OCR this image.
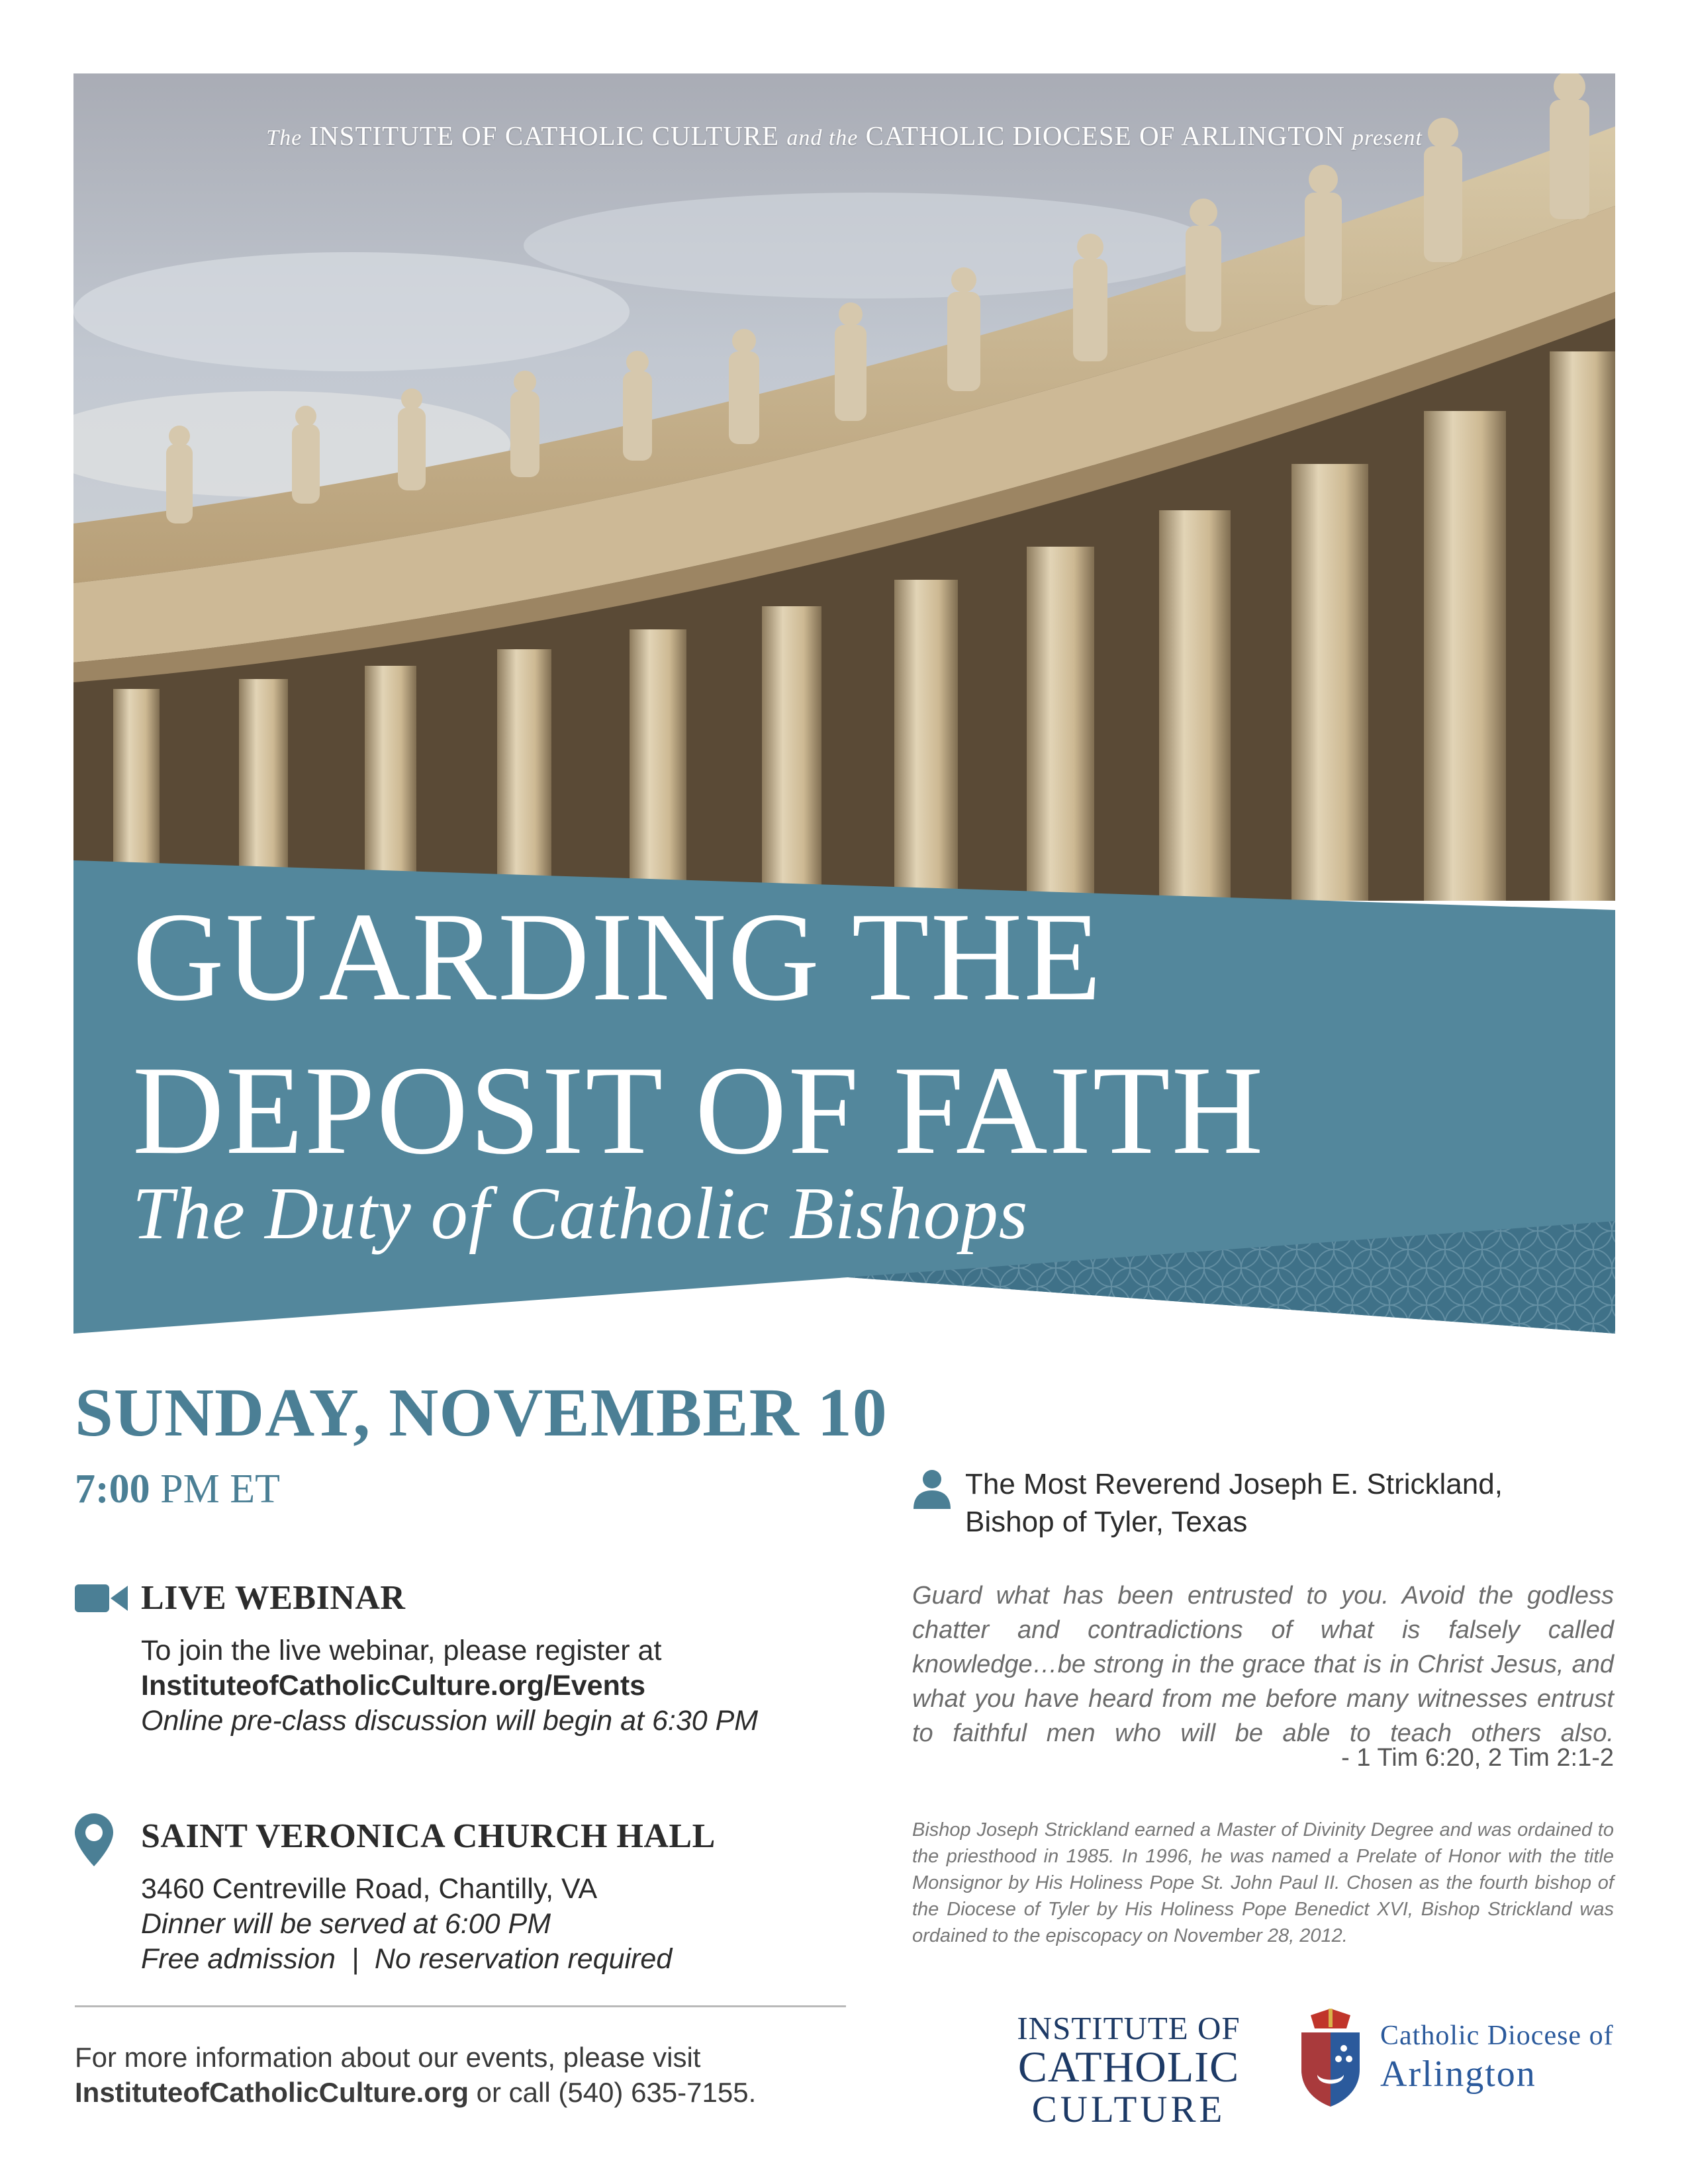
The INSTITUTE OF CATHOLIC CULTURE and the CATHOLIC DIOCESE OF ARLINGTON present
GUARDING THE
DEPOSIT OF FAITH
The Duty of Catholic Bishops
SUNDAY, NOVEMBER 10
7:00 PM ET
LIVE WEBINAR
To join the live webinar, please register at
InstituteofCatholicCulture.org/Events
Online pre-class discussion will begin at 6:30 PM
SAINT VERONICA CHURCH HALL
3460 Centreville Road, Chantilly, VA
Dinner will be served at 6:00 PM
Free admission  |  No reservation required
For more information about our events, please visit
InstituteofCatholicCulture.org or call (540) 635-7155.
The Most Reverend Joseph E. Strickland,
Bishop of Tyler, Texas
Guard what has been entrusted to you. Avoid the godless chatter and contradictions of what is falsely called knowledge…be strong in the grace that is in Christ Jesus, and what you have heard from me before many witnesses entrust to faithful men who will be able to teach others also.
- 1 Tim 6:20, 2 Tim 2:1-2
Bishop Joseph Strickland earned a Master of Divinity Degree and was ordained to the priesthood in 1985. In 1996, he was named a Prelate of Honor with the title Monsignor by His Holiness Pope St. John Paul II. Chosen as the fourth bishop of the Diocese of Tyler by His Holiness Pope Benedict XVI, Bishop Strickland was ordained to the episcopacy on November 28, 2012.
INSTITUTE OF
CATHOLIC
CULTURE
Catholic Diocese of
Arlington
